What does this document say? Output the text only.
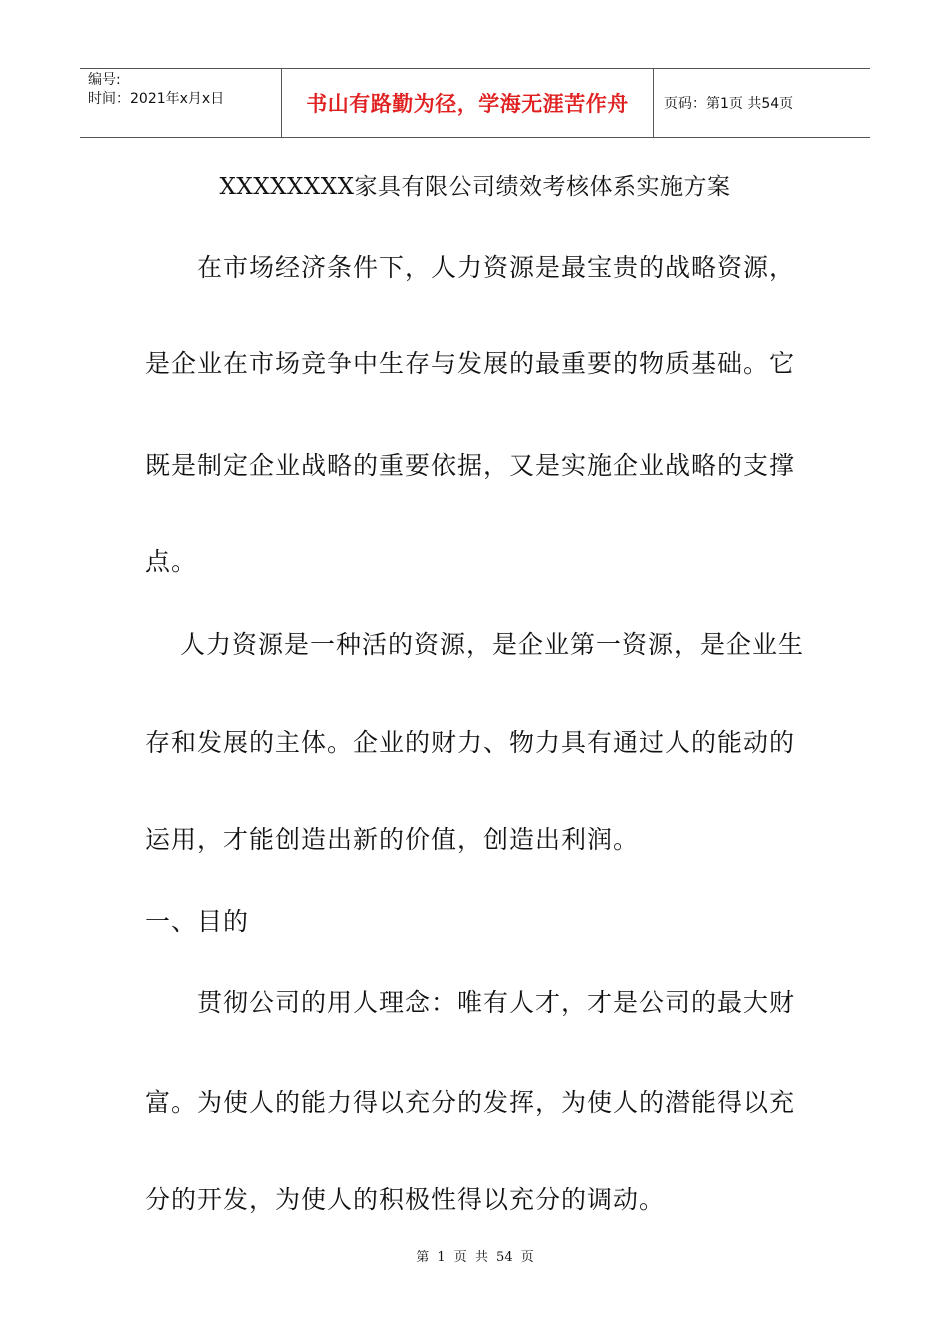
编号:
时间：2021年x月x日	书山有路勤为径，学海无涯苦作舟	页码：第1页 共54页
XXXXXXXX家具有限公司绩效考核体系实施方案
在市场经济条件下，人力资源是最宝贵的战略资源，
是企业在市场竞争中生存与发展的最重要的物质基础。它
既是制定企业战略的重要依据，又是实施企业战略的支撑
点。
人力资源是一种活的资源，是企业第一资源，是企业生
存和发展的主体。企业的财力、物力具有通过人的能动的
运用，才能创造出新的价值，创造出利润。
一、目的
贯彻公司的用人理念：唯有人才，才是公司的最大财
富。为使人的能力得以充分的发挥，为使人的潜能得以充
分的开发，为使人的积极性得以充分的调动。
第 1 页 共 54 页
